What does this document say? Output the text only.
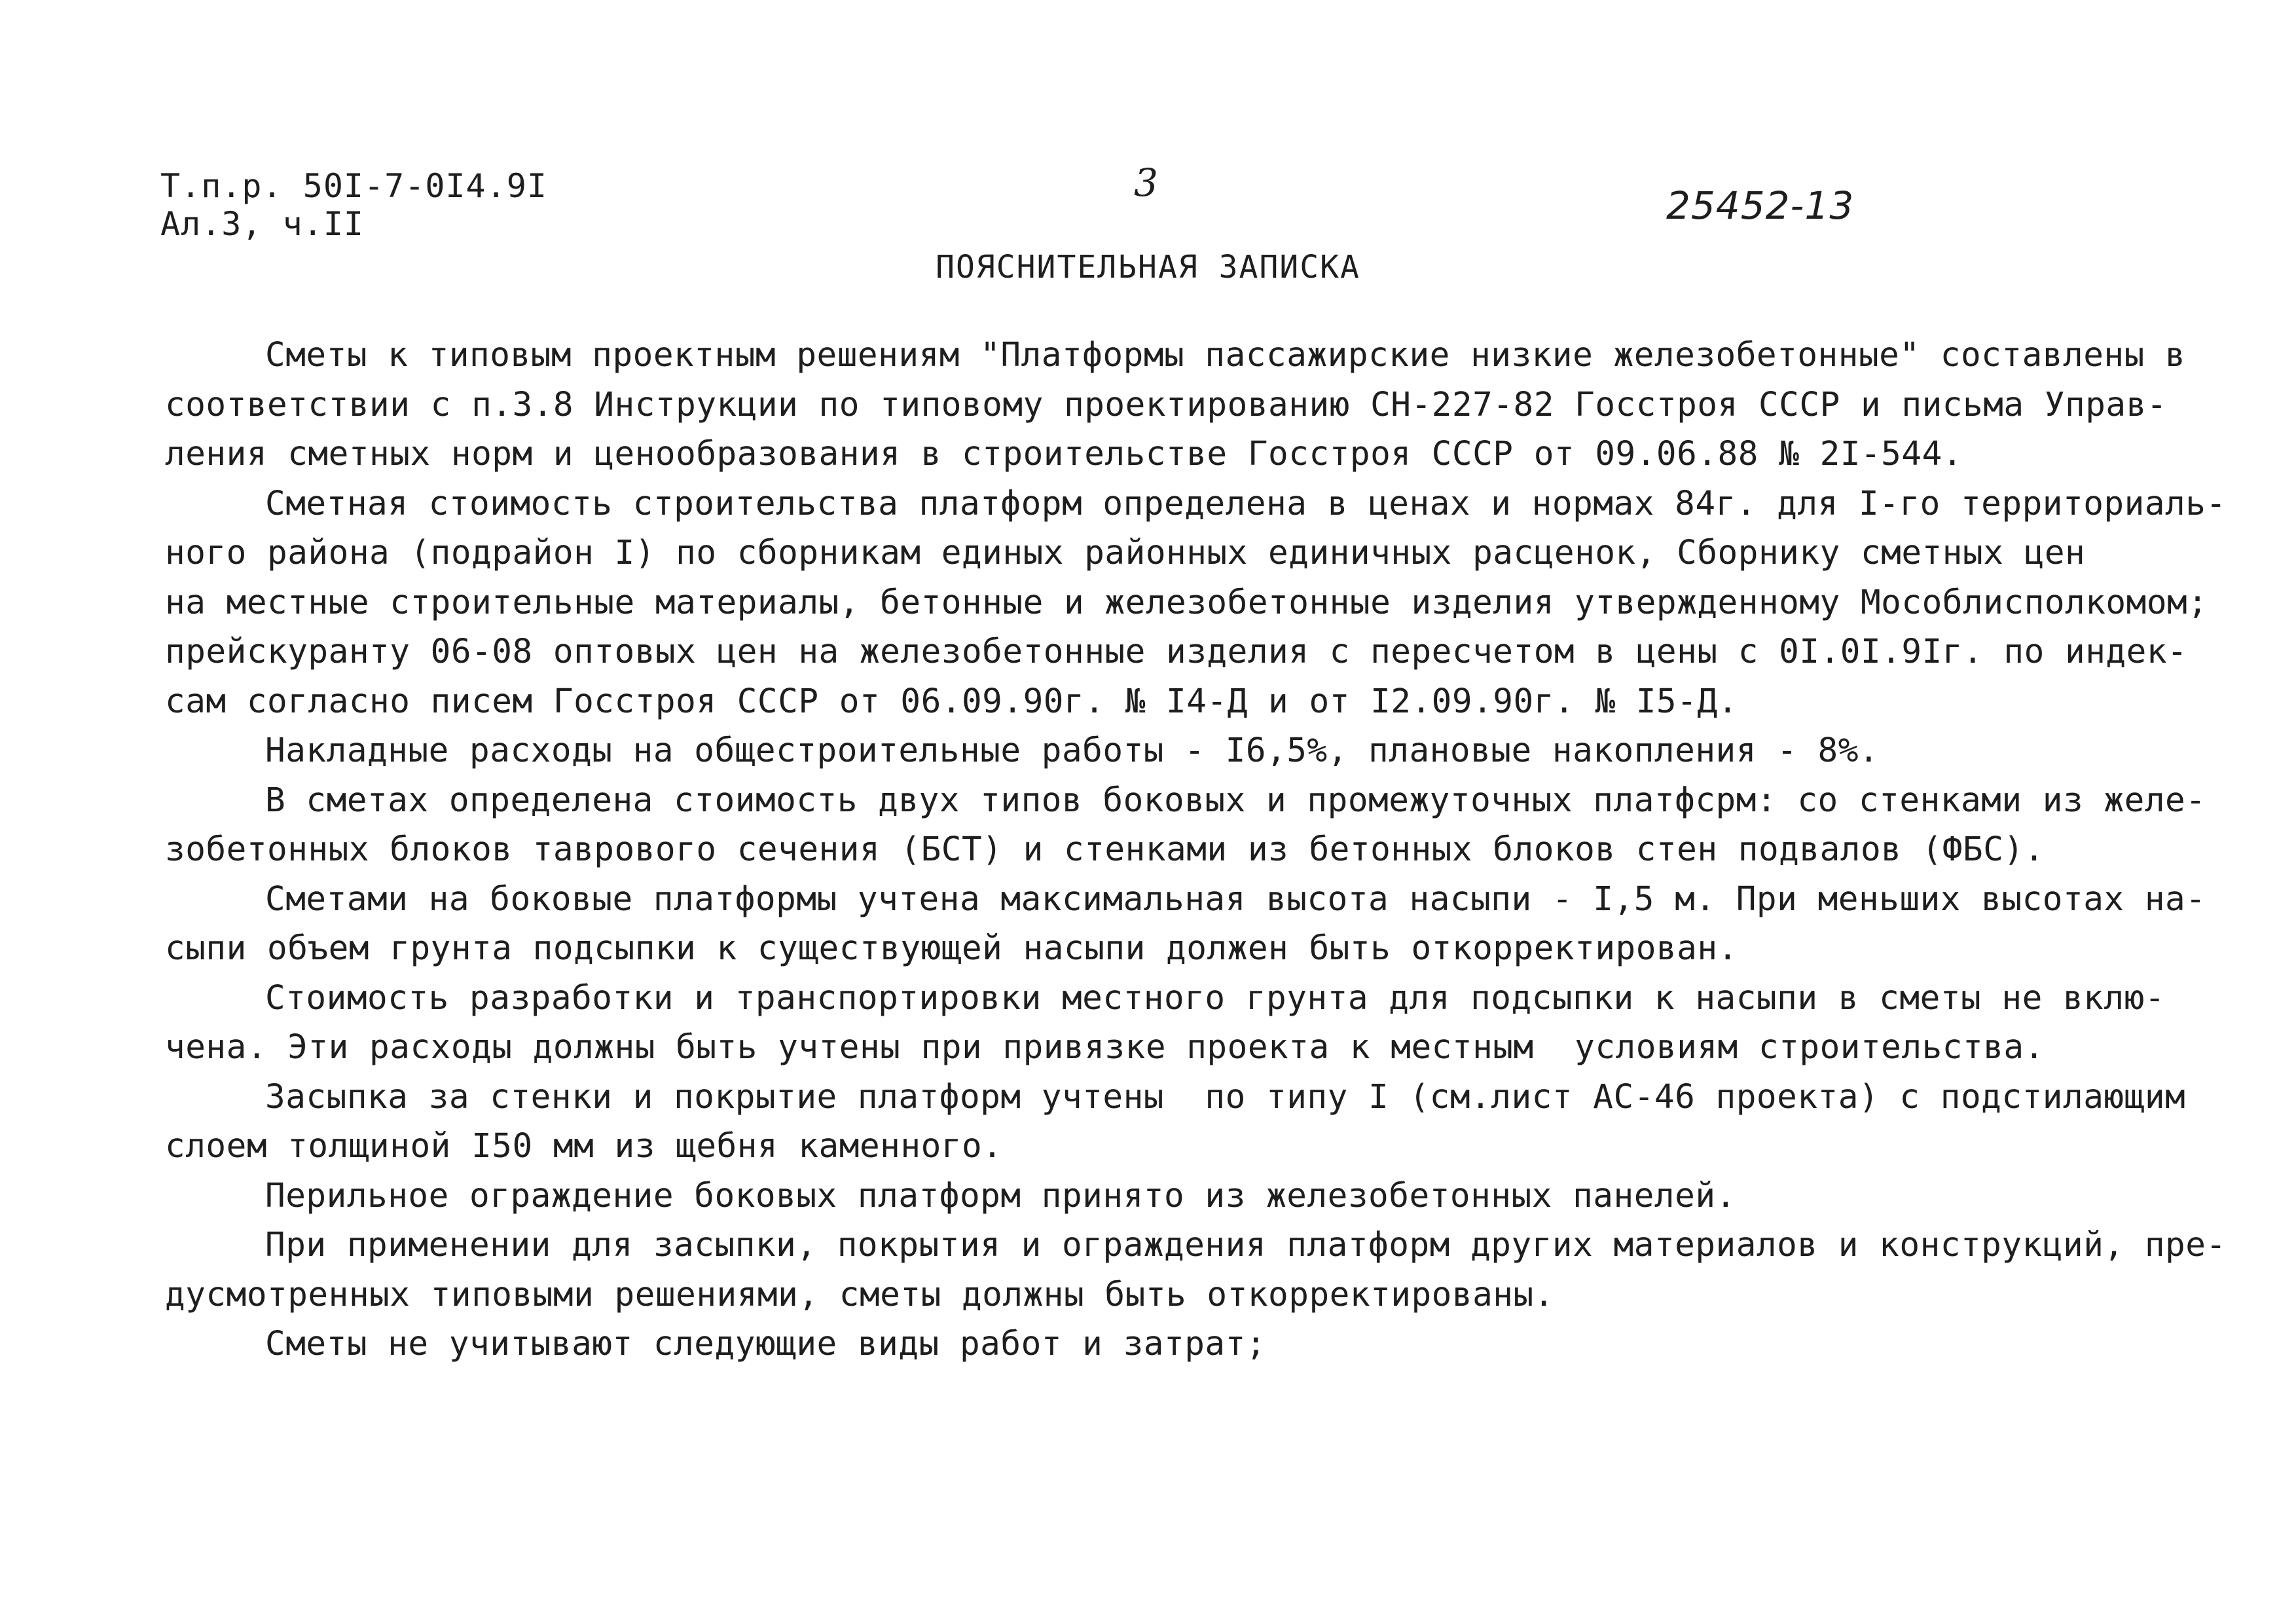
Т.п.р. 50I-7-0I4.9I
Ал.3, ч.II
3
25452-13
ПОЯСНИТЕЛЬНАЯ ЗАПИСКА
Сметы к типовым проектным решениям "Платформы пассажирские низкие железобетонные" составлены в
соответствии с п.3.8 Инструкции по типовому проектированию СН-227-82 Госстроя СССР и письма Управ-
ления сметных норм и ценообразования в строительстве Госстроя СССР от 09.06.88 № 2I-544.
Сметная стоимость строительства платформ определена в ценах и нормах 84г. для I-го территориаль-
ного района (подрайон I) по сборникам единых районных единичных расценок, Сборнику сметных цен
на местные строительные материалы, бетонные и железобетонные изделия утвержденному Мособлисполкомом;
прейскуранту 06-08 оптовых цен на железобетонные изделия с пересчетом в цены с 0I.0I.9Iг. по индек-
сам согласно писем Госстроя СССР от 06.09.90г. № I4-Д и от I2.09.90г. № I5-Д.
Накладные расходы на общестроительные работы - I6,5%, плановые накопления - 8%.
В сметах определена стоимость двух типов боковых и промежуточных платфсрм: со стенками из желе-
зобетонных блоков таврового сечения (БСТ) и стенками из бетонных блоков стен подвалов (ФБС).
Сметами на боковые платформы учтена максимальная высота насыпи - I,5 м. При меньших высотах на-
сыпи объем грунта подсыпки к существующей насыпи должен быть откорректирован.
Стоимость разработки и транспортировки местного грунта для подсыпки к насыпи в сметы не вклю-
чена. Эти расходы должны быть учтены при привязке проекта к местным  условиям строительства.
Засыпка за стенки и покрытие платформ учтены  по типу I (см.лист АС-46 проекта) с подстилающим
слоем толщиной I50 мм из щебня каменного.
Перильное ограждение боковых платформ принято из железобетонных панелей.
При применении для засыпки, покрытия и ограждения платформ других материалов и конструкций, пре-
дусмотренных типовыми решениями, сметы должны быть откорректированы.
Сметы не учитывают следующие виды работ и затрат;
